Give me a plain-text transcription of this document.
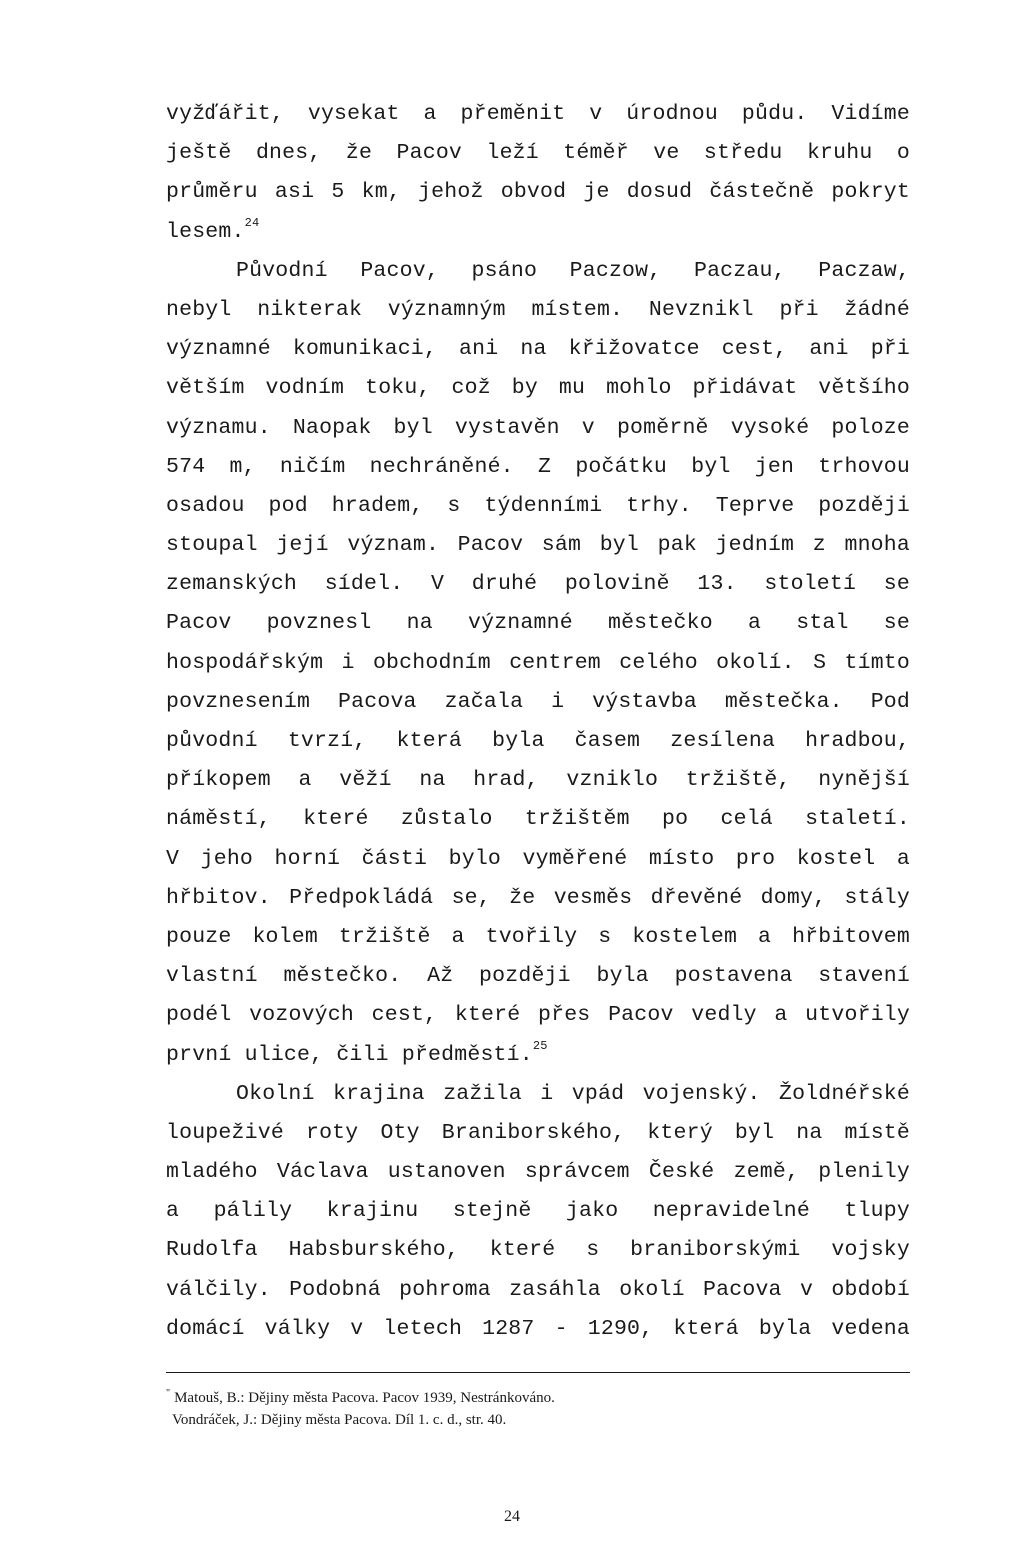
vyžďářit, vysekat a přeměnit v úrodnou půdu. Vidíme
ještě dnes, že Pacov leží téměř ve středu kruhu o
průměru asi 5 km, jehož obvod je dosud částečně pokryt
lesem.$^{24}$
Původní Pacov, psáno Paczow, Paczau, Paczaw,
nebyl nikterak významným místem. Nevznikl při žádné
významné komunikaci, ani na křižovatce cest, ani při
větším vodním toku, což by mu mohlo přidávat většího
významu. Naopak byl vystavěn v poměrně vysoké poloze
574 m, ničím nechráněné. Z počátku byl jen trhovou
osadou pod hradem, s týdenními trhy. Teprve později
stoupal její význam. Pacov sám byl pak jedním z mnoha
zemanských sídel. V druhé polovině 13. století se
Pacov povznesl na významné městečko a stal se
hospodářským i obchodním centrem celého okolí. S tímto
povznesením Pacova začala i výstavba městečka. Pod
původní tvrzí, která byla časem zesílena hradbou,
příkopem a věží na hrad, vzniklo tržiště, nynější
náměstí, které zůstalo tržištěm po celá staletí.
V jeho horní části bylo vyměřené místo pro kostel a
hřbitov. Předpokládá se, že vesměs dřevěné domy, stály
pouze kolem tržiště a tvořily s kostelem a hřbitovem
vlastní městečko. Až později byla postavena stavení
podél vozových cest, které přes Pacov vedly a utvořily
první ulice, čili předměstí.$^{25}$
Okolní krajina zažila i vpád vojenský. Žoldnéřské
loupeživé roty Oty Braniborského, který byl na místě
mladého Václava ustanoven správcem České země, plenily
a pálily krajinu stejně jako nepravidelné tlupy
Rudolfa Habsburského, které s braniborskými vojsky
válčily. Podobná pohroma zasáhla okolí Pacova v období
domácí války v letech 1287 - 1290, která byla vedena
" Matouš, B.: Dějiny města Pacova. Pacov 1939, Nestránkováno.
Vondráček, J.: Dějiny města Pacova. Díl 1. c. d., str. 40.
24
